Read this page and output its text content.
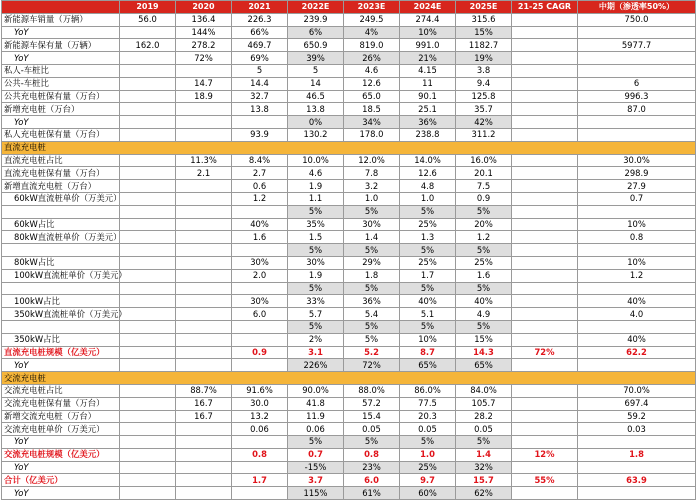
	2019	2020	2021	2022E	2023E	2024E	2025E	21-25 CAGR	中期（渗透率50%）
新能源车销量（万辆）	56.0	136.4	226.3	239.9	249.5	274.4	315.6		750.0
YoY		144%	66%	6%	4%	10%	15%		
新能源车保有量（万辆）	162.0	278.2	469.7	650.9	819.0	991.0	1182.7		5977.7
YoY		72%	69%	39%	26%	21%	19%		
私人-车桩比			5	5	4.6	4.15	3.8		
公共-车桩比		14.7	14.4	14	12.6	11	9.4		6
公共充电桩保有量（万台）		18.9	32.7	46.5	65.0	90.1	125.8		996.3
新增充电桩（万台）			13.8	13.8	18.5	25.1	35.7		87.0
YoY				0%	34%	36%	42%		
私人充电桩保有量（万台）			93.9	130.2	178.0	238.8	311.2		
直流充电桩									
直流充电桩占比		11.3%	8.4%	10.0%	12.0%	14.0%	16.0%		30.0%
直流充电桩保有量（万台）		2.1	2.7	4.6	7.8	12.6	20.1		298.9
新增直流充电桩（万台）			0.6	1.9	3.2	4.8	7.5		27.9
60kW直流桩单价（万美元）			1.2	1.1	1.0	1.0	0.9		0.7
				5%	5%	5%	5%		
60kW占比			40%	35%	30%	25%	20%		10%
80kW直流桩单价（万美元）			1.6	1.5	1.4	1.3	1.2		0.8
				5%	5%	5%	5%		
80kW占比			30%	30%	29%	25%	25%		10%
100kW直流桩单价（万美元）			2.0	1.9	1.8	1.7	1.6		1.2
				5%	5%	5%	5%		
100kW占比			30%	33%	36%	40%	40%		40%
350kW直流桩单价（万美元）			6.0	5.7	5.4	5.1	4.9		4.0
				5%	5%	5%	5%		
350kW占比				2%	5%	10%	15%		40%
直流充电桩规模（亿美元）			0.9	3.1	5.2	8.7	14.3	72%	62.2
YoY				226%	72%	65%	65%		
交流充电桩									
交流充电桩占比		88.7%	91.6%	90.0%	88.0%	86.0%	84.0%		70.0%
交流充电桩保有量（万台）		16.7	30.0	41.8	57.2	77.5	105.7		697.4
新增交流充电桩（万台）		16.7	13.2	11.9	15.4	20.3	28.2		59.2
交流充电桩单价（万美元）			0.06	0.06	0.05	0.05	0.05		0.03
YoY				5%	5%	5%	5%		
交流充电桩规模（亿美元）			0.8	0.7	0.8	1.0	1.4	12%	1.8
YoY				-15%	23%	25%	32%		
合计（亿美元）			1.7	3.7	6.0	9.7	15.7	55%	63.9
YoY				115%	61%	60%	62%		
